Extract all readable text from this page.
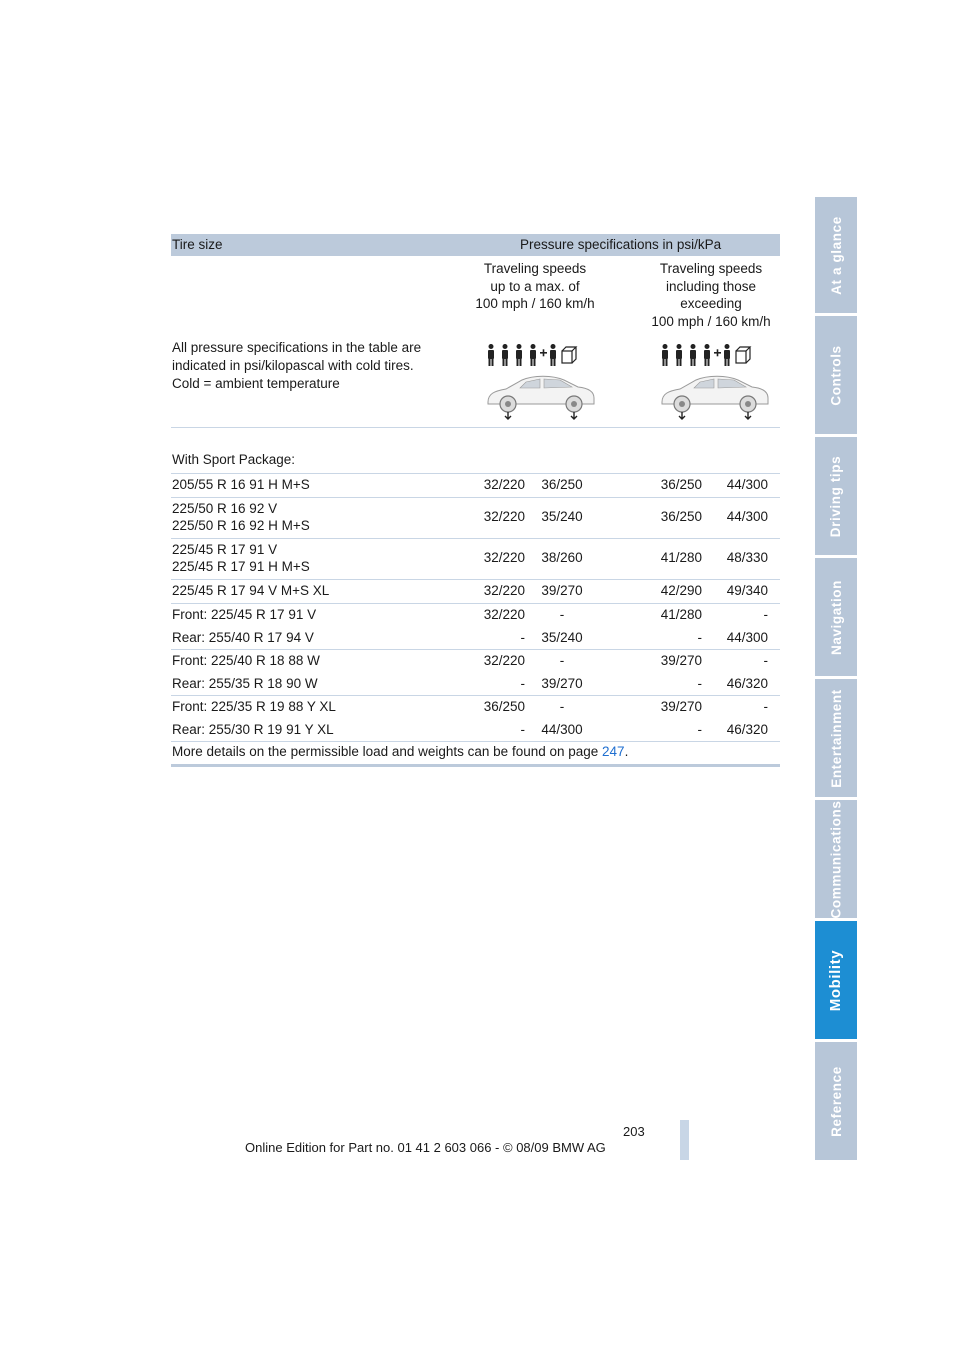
At a glance
Controls
Driving tips
Navigation
Entertainment
Communications
Mobility
Reference
Tire size	Pressure specifications in psi/kPa
Traveling speeds
up to a max. of
100 mph / 160 km/h
Traveling speeds
including those
exceeding
100 mph / 160 km/h
All pressure specifications in the table are
indicated in psi/kilopascal with cold tires.
Cold = ambient temperature
With Sport Package:
205/55 R 16 91 H M+S	32/220	36/250	36/250	44/300
225/50 R 16 92 V
225/50 R 16 92 H M+S
32/220	35/240	36/250	44/300
225/45 R 17 91 V
225/45 R 17 91 H M+S
32/220	38/260	41/280	48/330
225/45 R 17 94 V M+S XL	32/220	39/270	42/290	49/340
Front: 225/45 R 17 91 V	32/220	-	41/280	-
Rear: 255/40 R 17 94 V	-	35/240	-	44/300
Front: 225/40 R 18 88 W	32/220	-	39/270	-
Rear: 255/35 R 18 90 W	-	39/270	-	46/320
Front: 225/35 R 19 88 Y XL	36/250	-	39/270	-
Rear: 255/30 R 19 91 Y XL	-	44/300	-	46/320
More details on the permissible load and weights can be found on page 247.
203
Online Edition for Part no. 01 41 2 603 066 - © 08/09 BMW AG
